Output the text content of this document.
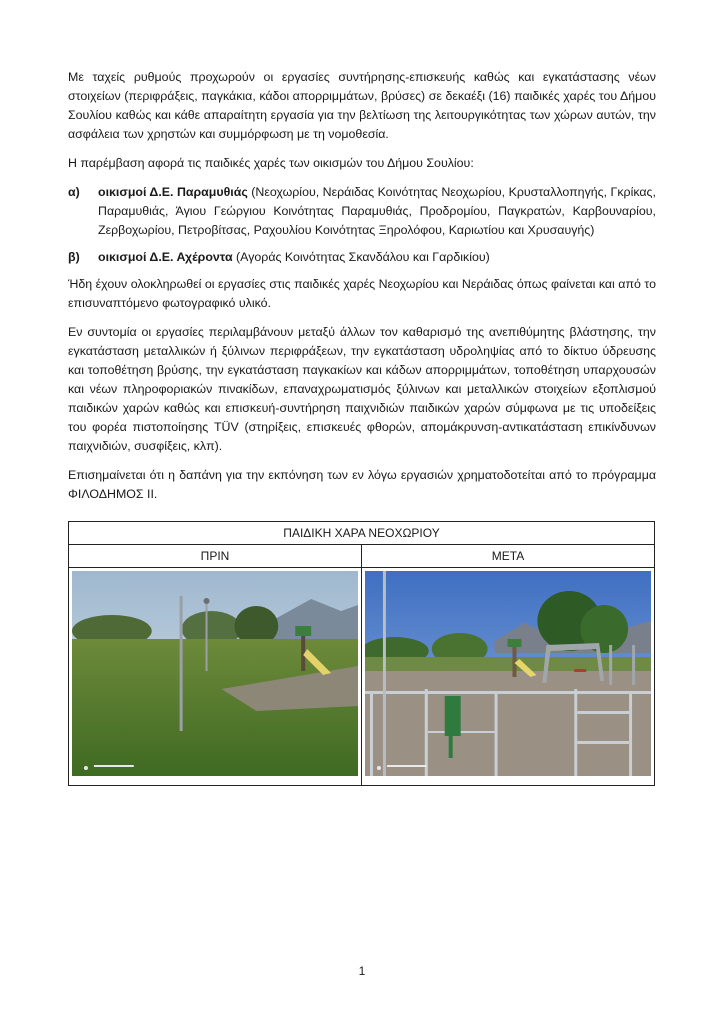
Με ταχείς ρυθμούς προχωρούν οι εργασίες συντήρησης-επισκευής καθώς και εγκατάστασης νέων στοιχείων (περιφράξεις, παγκάκια, κάδοι απορριμμάτων, βρύσες) σε δεκαέξι (16) παιδικές χαρές του Δήμου Σουλίου καθώς και κάθε απαραίτητη εργασία για την βελτίωση της λειτουργικότητας των χώρων αυτών, την ασφάλεια των χρηστών και συμμόρφωση με τη νομοθεσία.

Η παρέμβαση αφορά τις παιδικές χαρές των οικισμών του Δήμου Σουλίου:

α)	οικισμοί Δ.Ε. Παραμυθιάς (Νεοχωρίου, Νεράιδας Κοινότητας Νεοχωρίου, Κρυσταλλοπηγής, Γκρίκας, Παραμυθιάς, Άγιου Γεώργιου Κοινότητας Παραμυθιάς, Προδρομίου, Παγκρατών, Καρβουναρίου, Ζερβοχωρίου, Πετροβίτσας, Ραχουλίου Κοινότητας Ξηρολόφου, Καριωτίου και Χρυσαυγής)
β)	οικισμοί Δ.Ε. Αχέροντα (Αγοράς Κοινότητας Σκανδάλου και Γαρδικίου)

Ήδη έχουν ολοκληρωθεί οι εργασίες στις παιδικές χαρές Νεοχωρίου και Νεράιδας όπως φαίνεται και από το επισυναπτόμενο φωτογραφικό υλικό.

Εν συντομία οι εργασίες περιλαμβάνουν μεταξύ άλλων τον καθαρισμό της ανεπιθύμητης βλάστησης, την εγκατάσταση μεταλλικών ή ξύλινων περιφράξεων, την εγκατάσταση υδροληψίας από το δίκτυο ύδρευσης και τοποθέτηση βρύσης, την εγκατάσταση παγκακίων και κάδων απορριμμάτων, τοποθέτηση υπαρχουσών και νέων πληροφοριακών πινακίδων, επαναχρωματισμός ξύλινων και μεταλλικών στοιχείων εξοπλισμού παιδικών χαρών καθώς και επισκευή-συντήρηση παιχνιδιών παιδικών χαρών σύμφωνα με τις υποδείξεις του φορέα πιστοποίησης TÜV (στηρίξεις, επισκευές φθορών, απομάκρυνση-αντικατάσταση επικίνδυνων παιχνιδιών, συσφίξεις, κλπ).

Επισημαίνεται ότι η δαπάνη για την εκπόνηση των εν λόγω εργασιών χρηματοδοτείται από το πρόγραμμα ΦΙΛΟΔΗΜΟΣ ΙΙ.

ΠΑΙΔΙΚΗ ΧΑΡΑ ΝΕΟΧΩΡΙΟΥ	
ΠΡΙΝ	ΜΕΤΑ

1
